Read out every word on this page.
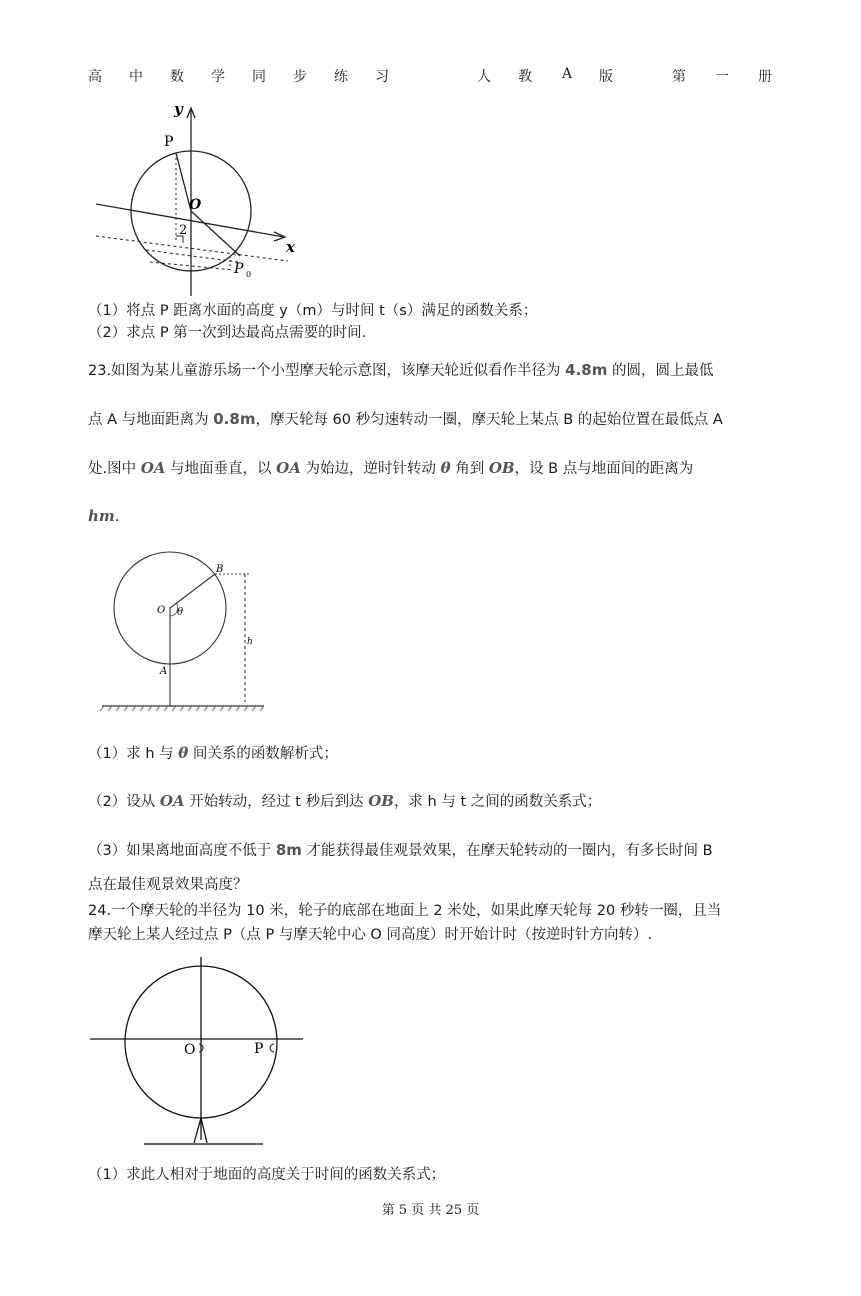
高 中 数 学 同 步 练 习	人 教 A 版	第 一 册
y
P
O
2
x
P 0
（1）将点 P 距离水面的高度 y（m）与时间 t（s）满足的函数关系；
（2）求点 P 第一次到达最高点需要的时间.
23.如图为某儿童游乐场一个小型摩天轮示意图，该摩天轮近似看作半径为 4.8m 的圆，圆上最低
点 A 与地面距离为 0.8m，摩天轮每 60 秒匀速转动一圈，摩天轮上某点 B 的起始位置在最低点 A
处.图中 OA 与地面垂直，以 OA 为始边，逆时针转动 θ 角到 OB，设 B 点与地面间的距离为
hm.
B
O θ
A
h
（1）求 h 与 θ 间关系的函数解析式；
（2）设从 OA 开始转动，经过 t 秒后到达 OB，求 h 与 t 之间的函数关系式；
（3）如果离地面高度不低于 8m 才能获得最佳观景效果，在摩天轮转动的一圈内，有多长时间 B
点在最佳观景效果高度？
24.一个摩天轮的半径为 10 米，轮子的底部在地面上 2 米处，如果此摩天轮每 20 秒转一圈，且当
摩天轮上某人经过点 P（点 P 与摩天轮中心 O 同高度）时开始计时（按逆时针方向转）.
O	P
（1）求此人相对于地面的高度关于时间的函数关系式；
第 5 页 共 25 页
